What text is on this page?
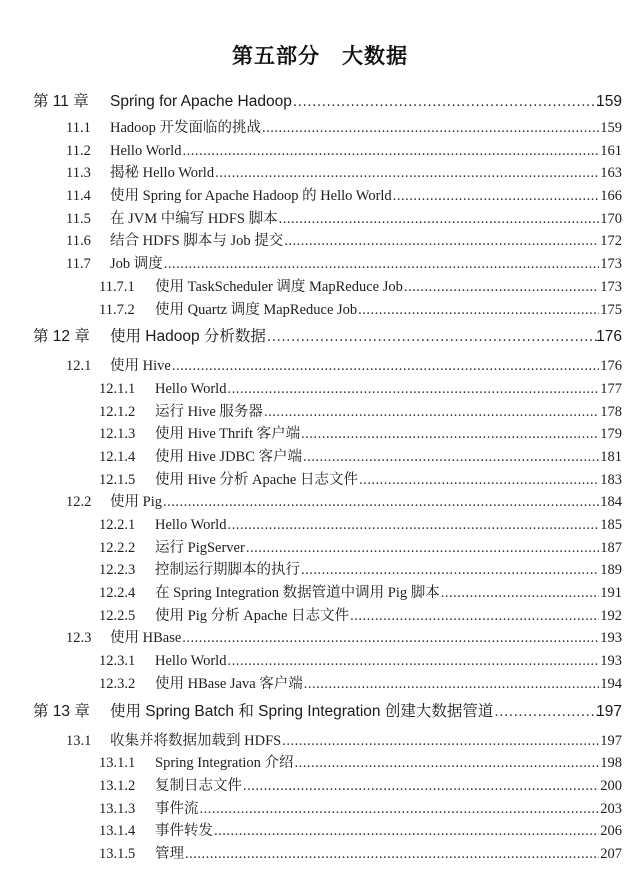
第五部分　大数据
第 11 章 Spring for Apache Hadoop .....	159
11.1 Hadoop 开发面临的挑战 .....	159
11.2 Hello World .....	161
11.3 揭秘 Hello World .....	163
11.4 使用 Spring for Apache Hadoop 的 Hello World .....	166
11.5 在 JVM 中编写 HDFS 脚本 .....	170
11.6 结合 HDFS 脚本与 Job 提交 .....	172
11.7 Job 调度 .....	173
11.7.1 使用 TaskScheduler 调度 MapReduce Job .....	173
11.7.2 使用 Quartz 调度 MapReduce Job .....	175
第 12 章 使用 Hadoop 分析数据 .....	176
12.1 使用 Hive .....	176
12.1.1 Hello World .....	177
12.1.2 运行 Hive 服务器 .....	178
12.1.3 使用 Hive Thrift 客户端 .....	179
12.1.4 使用 Hive JDBC 客户端 .....	181
12.1.5 使用 Hive 分析 Apache 日志文件 .....	183
12.2 使用 Pig .....	184
12.2.1 Hello World .....	185
12.2.2 运行 PigServer .....	187
12.2.3 控制运行期脚本的执行 .....	189
12.2.4 在 Spring Integration 数据管道中调用 Pig 脚本 .....	191
12.2.5 使用 Pig 分析 Apache 日志文件 .....	192
12.3 使用 HBase .....	193
12.3.1 Hello World .....	193
12.3.2 使用 HBase Java 客户端 .....	194
第 13 章 使用 Spring Batch 和 Spring Integration 创建大数据管道 .....	197
13.1 收集并将数据加载到 HDFS .....	197
13.1.1 Spring Integration 介绍 .....	198
13.1.2 复制日志文件 .....	200
13.1.3 事件流 .....	203
13.1.4 事件转发 .....	206
13.1.5 管理 .....	207
